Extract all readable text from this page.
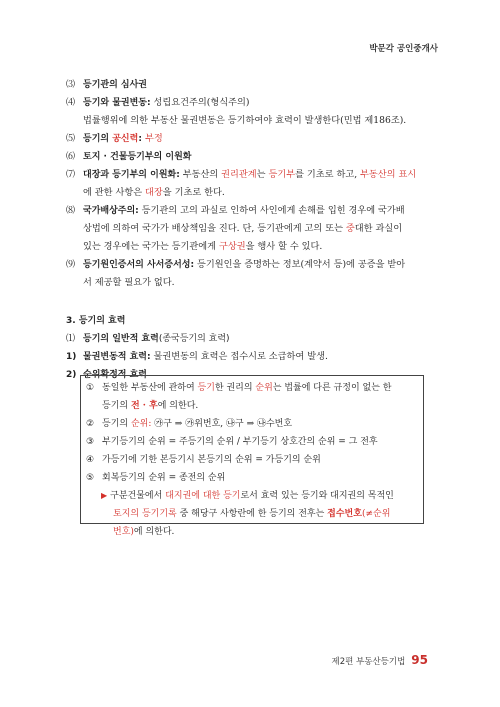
박문각 공인중개사
⑶ 등기관의 심사권
⑷ 등기와 물권변동: 성립요건주의(형식주의)
법률행위에 의한 부동산 물권변동은 등기하여야 효력이 발생한다(민법 제186조).
⑸ 등기의 공신력: 부정
⑹ 토지 · 건물등기부의 이원화
⑺ 대장과 등기부의 이원화: 부동산의 권리관계는 등기부를 기초로 하고, 부동산의 표시
에 관한 사항은 대장을 기초로 한다.
⑻ 국가배상주의: 등기관의 고의 과실로 인하여 사인에게 손해를 입힌 경우에 국가배
상법에 의하여 국가가 배상책임을 진다. 단, 등기관에게 고의 또는 중대한 과실이
있는 경우에는 국가는 등기관에게 구상권을 행사 할 수 있다.
⑼ 등기원인증서의 사서증서성: 등기원인을 증명하는 정보(계약서 등)에 공증을 받아
서 제공할 필요가 없다.
3. 등기의 효력
⑴ 등기의 일반적 효력(종국등기의 효력)
1) 물권변동적 효력: 물권변동의 효력은 접수시로 소급하여 발생.
2) 순위확정적 효력
① 동일한 부동산에 관하여 등기한 권리의 순위는 법률에 다른 규정이 없는 한
등기의 전 · 후에 의한다.
② 등기의 순위: ㉮구 ⇒ ㉮위번호, ㉯구 ⇒ ㉯수번호
③ 부기등기의 순위 = 주등기의 순위 / 부기등기 상호간의 순위 = 그 전후
④ 가등기에 기한 본등기시 본등기의 순위 = 가등기의 순위
⑤ 회복등기의 순위 = 종전의 순위
▶ 구분건물에서 대지권에 대한 등기로서 효력 있는 등기와 대지권의 목적인
토지의 등기기록 중 해당구 사항란에 한 등기의 전후는 접수번호(≠순위
번호)에 의한다.
제2편 부동산등기법 95
